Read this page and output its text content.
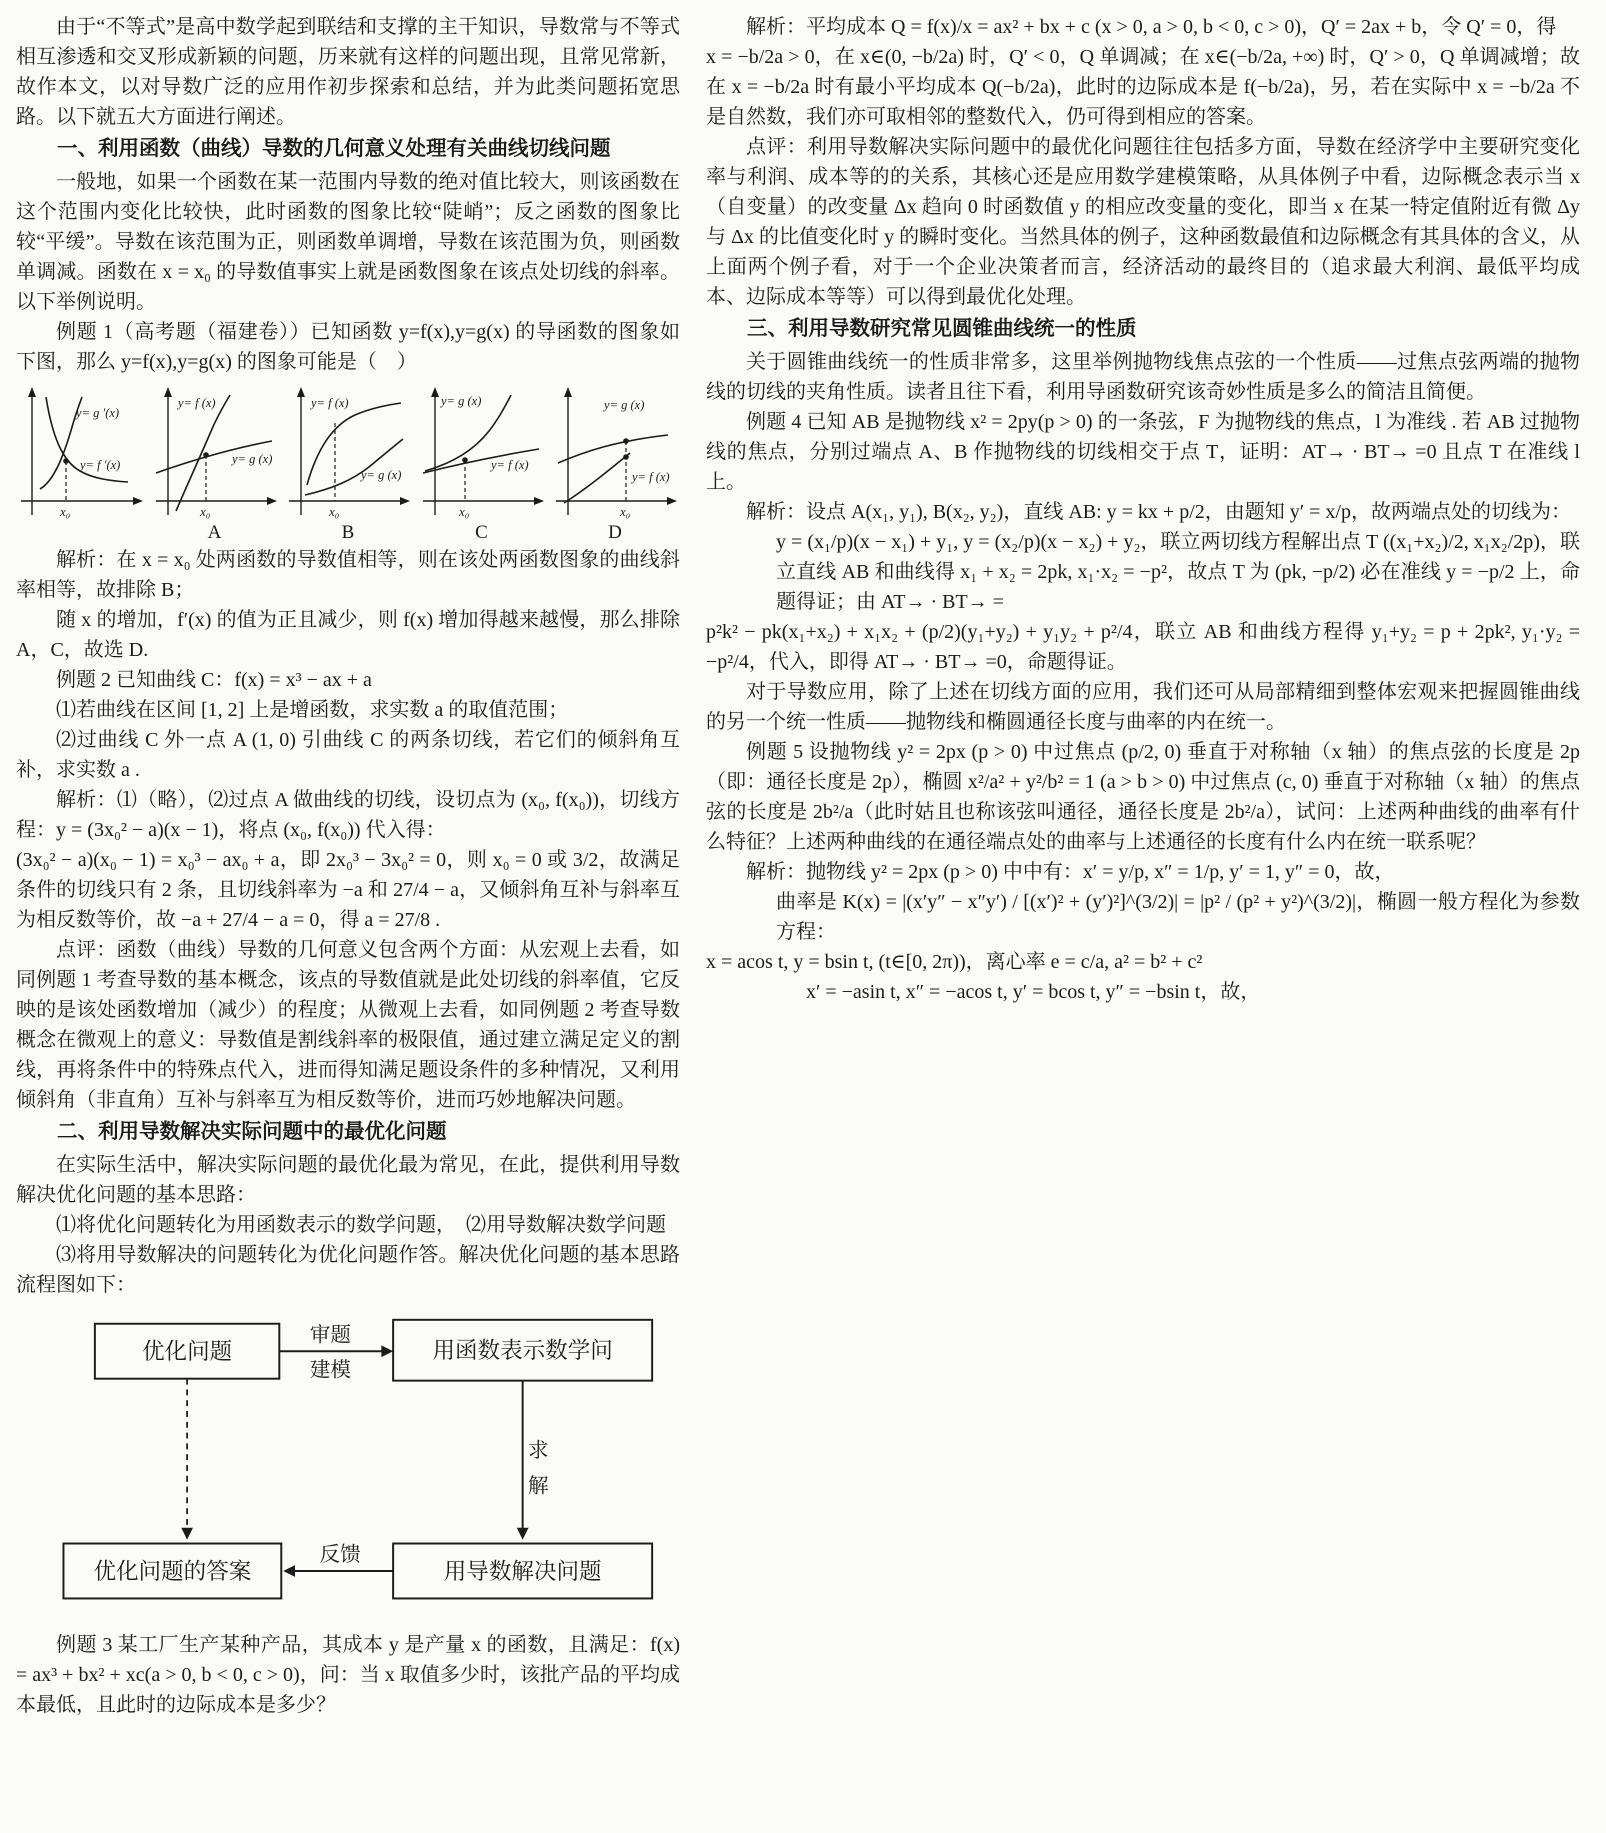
由于“不等式”是高中数学起到联结和支撑的主干知识，导数常与不等式相互渗透和交叉形成新颖的问题，历来就有这样的问题出现，且常见常新，故作本文，以对导数广泛的应用作初步探索和总结，并为此类问题拓宽思路。以下就五大方面进行阐述。

一、利用函数（曲线）导数的几何意义处理有关曲线切线问题

一般地，如果一个函数在某一范围内导数的绝对值比较大，则该函数在这个范围内变化比较快，此时函数的图象比较“陡峭”；反之函数的图象比较“平缓”。导数在该范围为正，则函数单调增，导数在该范围为负，则函数单调减。函数在 x = x₀ 的导数值事实上就是函数图象在该点处切线的斜率。以下举例说明。

例题 1（高考题（福建卷））已知函数 y=f(x),y=g(x) 的导函数的图象如下图，那么 y=f(x),y=g(x) 的图象可能是（　）

y= g ′(x)
y= f ′(x)
x₀
y= f (x)
y= g (x)
x₀
A
y= f (x)
y= g (x)
x₀
B
y= g (x)
y= f (x)
x₀
C
y= g (x)
y= f (x)
x₀
D

解析：在 x = x₀ 处两函数的导数值相等，则在该处两函数图象的曲线斜率相等，故排除 B；

随 x 的增加，f′(x) 的值为正且减少，则 f(x) 增加得越来越慢，那么排除 A，C，故选 D.

例题 2 已知曲线 C：f(x) = x³ − ax + a

⑴若曲线在区间 [1, 2] 上是增函数，求实数 a 的取值范围；

⑵过曲线 C 外一点 A (1, 0) 引曲线 C 的两条切线，若它们的倾斜角互补，求实数 a .

解析：⑴（略），⑵过点 A 做曲线的切线，设切点为 (x₀, f(x₀))，切线方程：y = (3x₀² − a)(x − 1)，将点 (x₀, f(x₀)) 代入得：

(3x₀² − a)(x₀ − 1) = x₀³ − ax₀ + a，即 2x₀³ − 3x₀² = 0，则 x₀ = 0 或 3/2，故满足条件的切线只有 2 条，且切线斜率为 −a 和 27/4 − a，又倾斜角互补与斜率互为相反数等价，故 −a + 27/4 − a = 0，得 a = 27/8 .

点评：函数（曲线）导数的几何意义包含两个方面：从宏观上去看，如同例题 1 考查导数的基本概念，该点的导数值就是此处切线的斜率值，它反映的是该处函数增加（减少）的程度；从微观上去看，如同例题 2 考查导数概念在微观上的意义：导数值是割线斜率的极限值，通过建立满足定义的割线，再将条件中的特殊点代入，进而得知满足题设条件的多种情况，又利用倾斜角（非直角）互补与斜率互为相反数等价，进而巧妙地解决问题。

二、利用导数解决实际问题中的最优化问题

在实际生活中，解决实际问题的最优化最为常见，在此，提供利用导数解决优化问题的基本思路：

⑴将优化问题转化为用函数表示的数学问题，　⑵用导数解决数学问题

⑶将用导数解决的问题转化为优化问题作答。解决优化问题的基本思路流程图如下：

优化问题	用函数表示数学问
审题
建模
求
解
用导数解决问题
反馈
优化问题的答案

例题 3 某工厂生产某种产品，其成本 y 是产量 x 的函数，且满足：f(x) = ax³ + bx² + xc(a > 0, b < 0, c > 0)，问：当 x 取值多少时，该批产品的平均成本最低，且此时的边际成本是多少？

解析：平均成本 Q = f(x)/x = ax² + bx + c (x > 0, a > 0, b < 0, c > 0)，Q′ = 2ax + b，令 Q′ = 0，得

x = −b/2a > 0，在 x∈(0, −b/2a) 时，Q′ < 0，Q 单调减；在 x∈(−b/2a, +∞) 时，Q′ > 0，Q 单调减增；故在 x = −b/2a 时有最小平均成本 Q(−b/2a)，此时的边际成本是 f(−b/2a)，另，若在实际中 x = −b/2a 不是自然数，我们亦可取相邻的整数代入，仍可得到相应的答案。

点评：利用导数解决实际问题中的最优化问题往往包括多方面，导数在经济学中主要研究变化率与利润、成本等的的关系，其核心还是应用数学建模策略，从具体例子中看，边际概念表示当 x（自变量）的改变量 Δx 趋向 0 时函数值 y 的相应改变量的变化，即当 x 在某一特定值附近有微 Δy 与 Δx 的比值变化时 y 的瞬时变化。当然具体的例子，这种函数最值和边际概念有其具体的含义，从上面两个例子看，对于一个企业决策者而言，经济活动的最终目的（追求最大利润、最低平均成本、边际成本等等）可以得到最优化处理。

三、利用导数研究常见圆锥曲线统一的性质

关于圆锥曲线统一的性质非常多，这里举例抛物线焦点弦的一个性质——过焦点弦两端的抛物线的切线的夹角性质。读者且往下看，利用导函数研究该奇妙性质是多么的简洁且简便。

例题 4 已知 AB 是抛物线 x² = 2py(p > 0) 的一条弦，F 为抛物线的焦点，l 为准线 . 若 AB 过抛物线的焦点，分别过端点 A、B 作抛物线的切线相交于点 T，证明：AT→ · BT→ =0 且点 T 在准线 l 上。

解析：设点 A(x₁, y₁), B(x₂, y₂)，直线 AB: y = kx + p/2，由题知 y′ = x/p，故两端点处的切线为：

y = (x₁/p)(x − x₁) + y₁, y = (x₂/p)(x − x₂) + y₂，联立两切线方程解出点 T ((x₁+x₂)/2, x₁x₂/2p)，联立直线 AB 和曲线得 x₁ + x₂ = 2pk, x₁·x₂ = −p²，故点 T 为 (pk, −p/2) 必在准线 y = −p/2 上，命题得证；由 AT→ · BT→ =

p²k² − pk(x₁+x₂) + x₁x₂ + (p/2)(y₁+y₂) + y₁y₂ + p²/4，联立 AB 和曲线方程得 y₁+y₂ = p + 2pk², y₁·y₂ = −p²/4，代入，即得 AT→ · BT→ =0，命题得证。

对于导数应用，除了上述在切线方面的应用，我们还可从局部精细到整体宏观来把握圆锥曲线的另一个统一性质——抛物线和椭圆通径长度与曲率的内在统一。

例题 5 设抛物线 y² = 2px (p > 0) 中过焦点 (p/2, 0) 垂直于对称轴（x 轴）的焦点弦的长度是 2p（即：通径长度是 2p），椭圆 x²/a² + y²/b² = 1 (a > b > 0) 中过焦点 (c, 0) 垂直于对称轴（x 轴）的焦点弦的长度是 2b²/a（此时姑且也称该弦叫通径，通径长度是 2b²/a），试问：上述两种曲线的曲率有什么特征？上述两种曲线的在通径端点处的曲率与上述通径的长度有什么内在统一联系呢？

解析：抛物线 y² = 2px (p > 0) 中中有：x′ = y/p, x″ = 1/p, y′ = 1, y″ = 0，故，

曲率是 K(x) = |(x′y″ − x″y′) / [(x′)² + (y′)²]^(3/2)| = |p² / (p² + y²)^(3/2)|，椭圆一般方程化为参数方程：

x = acos t, y = bsin t, (t∈[0, 2π))，离心率 e = c/a, a² = b² + c²

x′ = −asin t, x″ = −acos t, y′ = bcos t, y″ = −bsin t，故，
